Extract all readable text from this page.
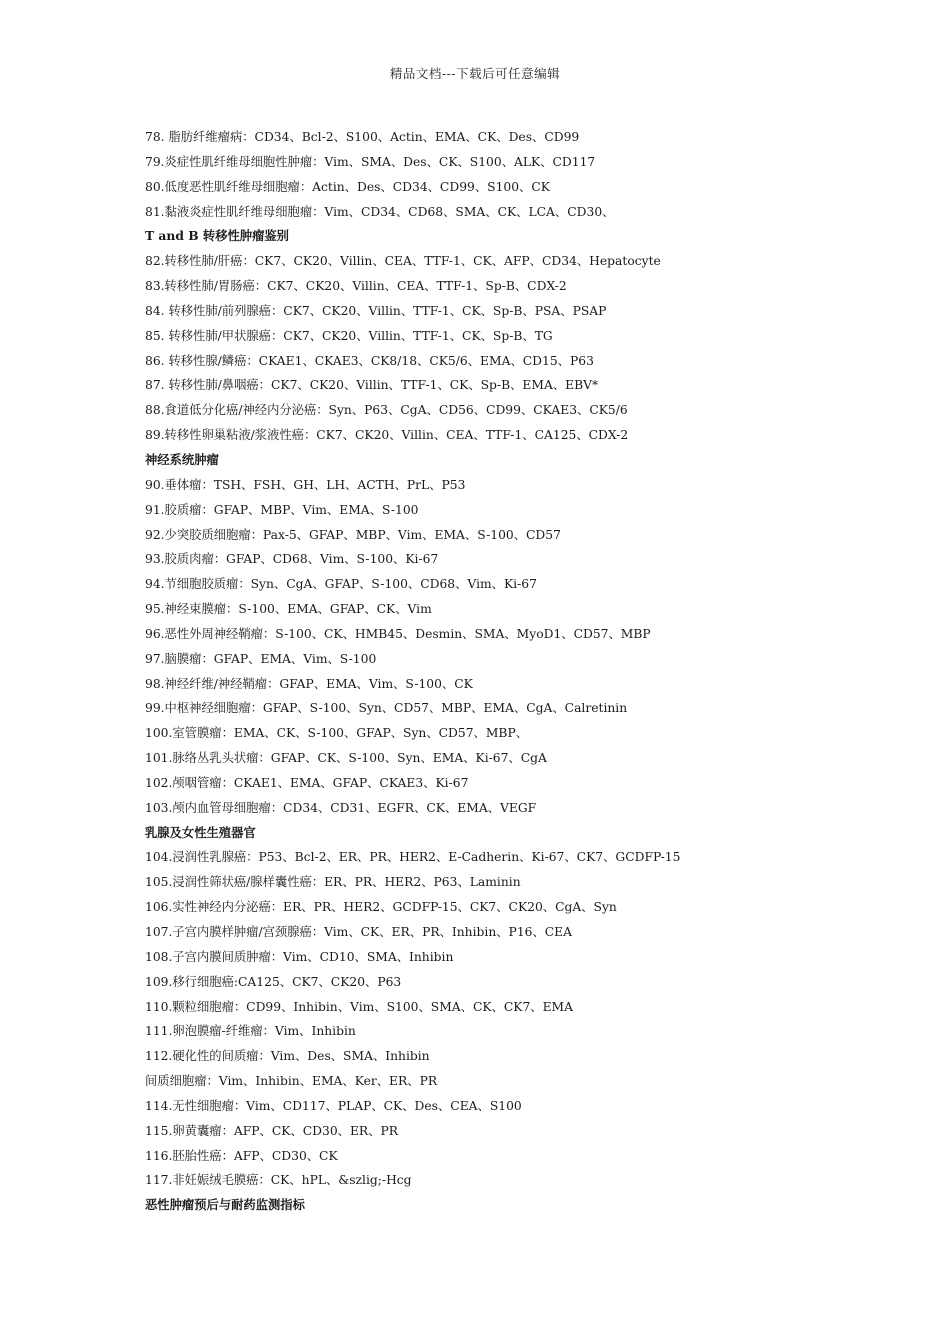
精品文档---下载后可任意编辑
78. 脂肪纤维瘤病：CD34、Bcl-2、S100、Actin、EMA、CK、Des、CD99
79.炎症性肌纤维母细胞性肿瘤：Vim、SMA、Des、CK、S100、ALK、CD117
80.低度恶性肌纤维母细胞瘤：Actin、Des、CD34、CD99、S100、CK
81.黏液炎症性肌纤维母细胞瘤：Vim、CD34、CD68、SMA、CK、LCA、CD30、
T and B 转移性肿瘤鉴别
82.转移性肺/肝癌：CK7、CK20、Villin、CEA、TTF-1、CK、AFP、CD34、Hepatocyte
83.转移性肺/胃肠癌：CK7、CK20、Villin、CEA、TTF-1、Sp-B、CDX-2
84. 转移性肺/前列腺癌：CK7、CK20、Villin、TTF-1、CK、Sp-B、PSA、PSAP
85. 转移性肺/甲状腺癌：CK7、CK20、Villin、TTF-1、CK、Sp-B、TG
86. 转移性腺/鳞癌：CKAE1、CKAE3、CK8/18、CK5/6、EMA、CD15、P63
87. 转移性肺/鼻咽癌：CK7、CK20、Villin、TTF-1、CK、Sp-B、EMA、EBV*
88.食道低分化癌/神经内分泌癌：Syn、P63、CgA、CD56、CD99、CKAE3、CK5/6
89.转移性卵巢粘液/浆液性癌：CK7、CK20、Villin、CEA、TTF-1、CA125、CDX-2
神经系统肿瘤
90.垂体瘤：TSH、FSH、GH、LH、ACTH、PrL、P53
91.胶质瘤：GFAP、MBP、Vim、EMA、S-100
92.少突胶质细胞瘤：Pax-5、GFAP、MBP、Vim、EMA、S-100、CD57
93.胶质肉瘤：GFAP、CD68、Vim、S-100、Ki-67
94.节细胞胶质瘤：Syn、CgA、GFAP、S-100、CD68、Vim、Ki-67
95.神经束膜瘤：S-100、EMA、GFAP、CK、Vim
96.恶性外周神经鞘瘤：S-100、CK、HMB45、Desmin、SMA、MyoD1、CD57、MBP
97.脑膜瘤：GFAP、EMA、Vim、S-100
98.神经纤维/神经鞘瘤：GFAP、EMA、Vim、S-100、CK
99.中枢神经细胞瘤：GFAP、S-100、Syn、CD57、MBP、EMA、CgA、Calretinin
100.室管膜瘤：EMA、CK、S-100、GFAP、Syn、CD57、MBP、
101.脉络丛乳头状瘤：GFAP、CK、S-100、Syn、EMA、Ki-67、CgA
102.颅咽管瘤：CKAE1、EMA、GFAP、CKAE3、Ki-67
103.颅内血管母细胞瘤：CD34、CD31、EGFR、CK、EMA、VEGF
乳腺及女性生殖器官
104.浸润性乳腺癌：P53、Bcl-2、ER、PR、HER2、E-Cadherin、Ki-67、CK7、GCDFP-15
105.浸润性筛状癌/腺样囊性癌：ER、PR、HER2、P63、Laminin
106.实性神经内分泌癌：ER、PR、HER2、GCDFP-15、CK7、CK20、CgA、Syn
107.子宫内膜样肿瘤/宫颈腺癌：Vim、CK、ER、PR、Inhibin、P16、CEA
108.子宫内膜间质肿瘤：Vim、CD10、SMA、Inhibin
109.移行细胞癌:CA125、CK7、CK20、P63
110.颗粒细胞瘤：CD99、Inhibin、Vim、S100、SMA、CK、CK7、EMA
111.卵泡膜瘤-纤维瘤：Vim、Inhibin
112.硬化性的间质瘤：Vim、Des、SMA、Inhibin
间质细胞瘤：Vim、Inhibin、EMA、Ker、ER、PR
114.无性细胞瘤：Vim、CD117、PLAP、CK、Des、CEA、S100
115.卵黄囊瘤：AFP、CK、CD30、ER、PR
116.胚胎性癌：AFP、CD30、CK
117.非妊娠绒毛膜癌：CK、hPL、&szlig;-Hcg
恶性肿瘤预后与耐药监测指标
